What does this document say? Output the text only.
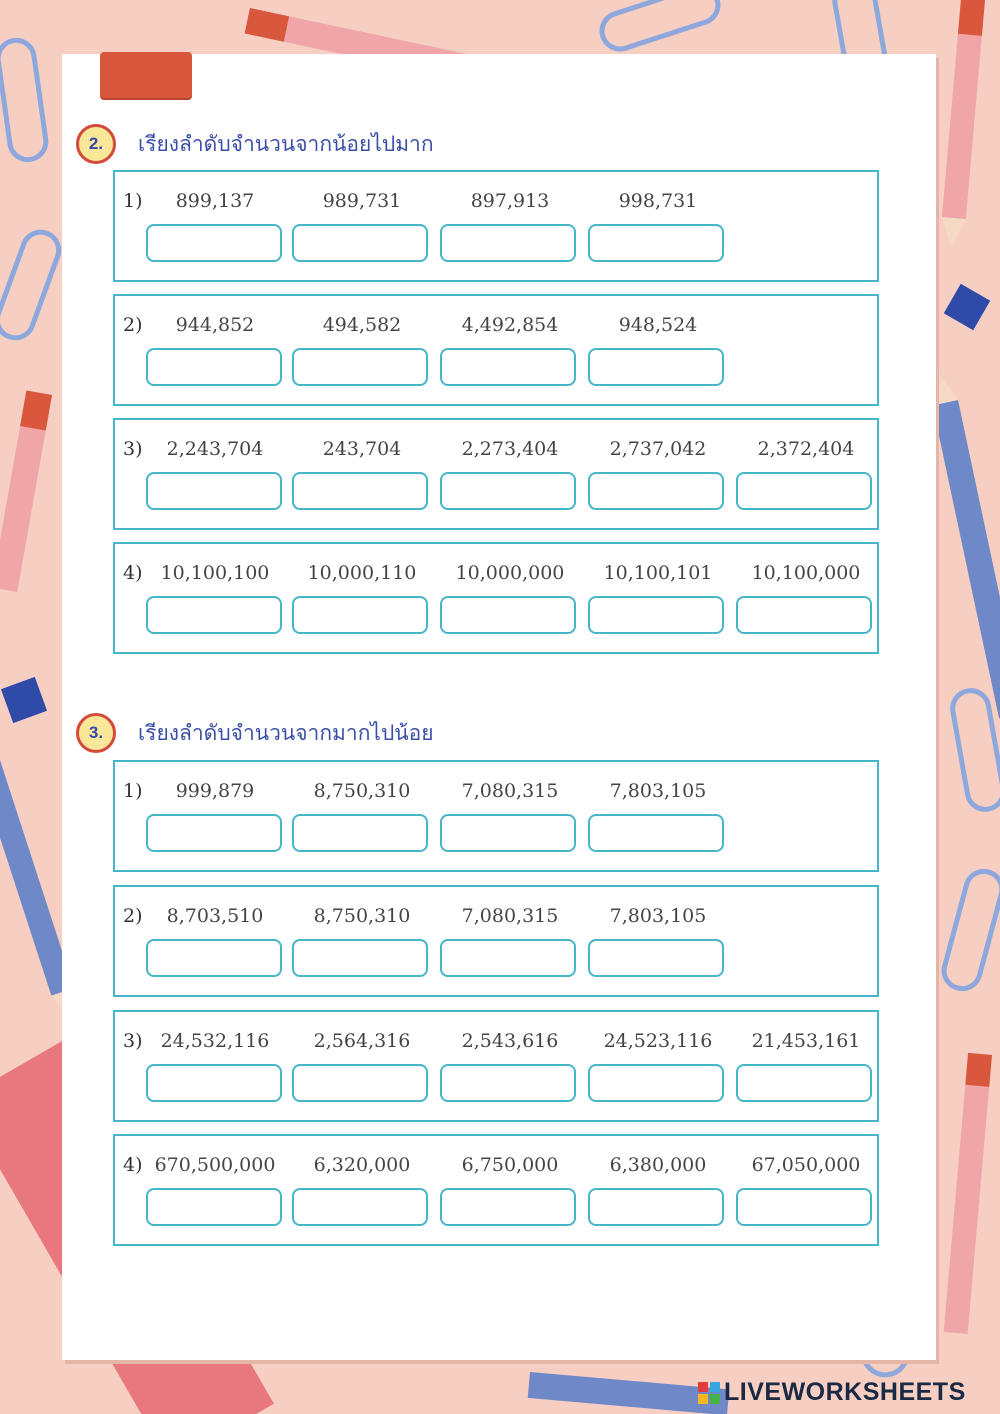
2.	เรียงลำดับจำนวนจากน้อยไปมาก
1)	899,137	989,731	897,913	998,731
2)	944,852	494,582	4,492,854	948,524
3)	2,243,704	243,704	2,273,404	2,737,042	2,372,404
4) 10,100,100	10,000,110	10,000,000	10,100,101	10,100,000
3.	เรียงลำดับจำนวนจากมากไปน้อย
1)	999,879	8,750,310	7,080,315	7,803,105
2)	8,703,510	8,750,310	7,080,315	7,803,105
3) 24,532,116	2,564,316	2,543,616	24,523,116	21,453,161
4) 670,500,000	6,320,000	6,750,000	6,380,000	67,050,000
LIVEWORKSHEETS
